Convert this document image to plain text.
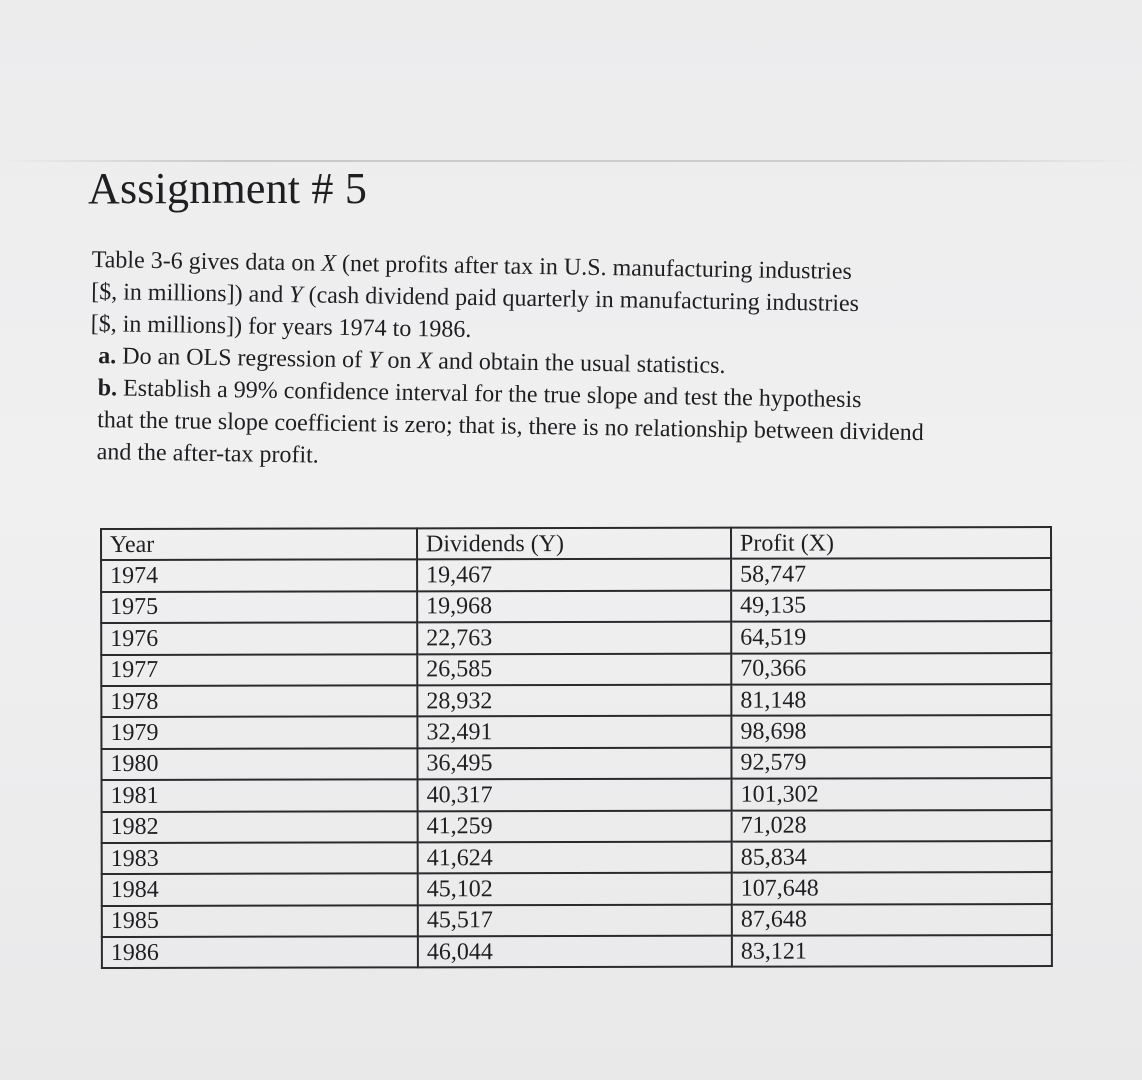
Assignment # 5
Table 3-6 gives data on X (net profits after tax in U.S. manufacturing industries
[$, in millions]) and Y (cash dividend paid quarterly in manufacturing industries
[$, in millions]) for years 1974 to 1986.
a. Do an OLS regression of Y on X and obtain the usual statistics.
b. Establish a 99% confidence interval for the true slope and test the hypothesis
that the true slope coefficient is zero; that is, there is no relationship between dividend
and the after-tax profit.
Year	Dividends (Y)	Profit (X)
1974	19,467	58,747
1975	19,968	49,135
1976	22,763	64,519
1977	26,585	70,366
1978	28,932	81,148
1979	32,491	98,698
1980	36,495	92,579
1981	40,317	101,302
1982	41,259	71,028
1983	41,624	85,834
1984	45,102	107,648
1985	45,517	87,648
1986	46,044	83,121
